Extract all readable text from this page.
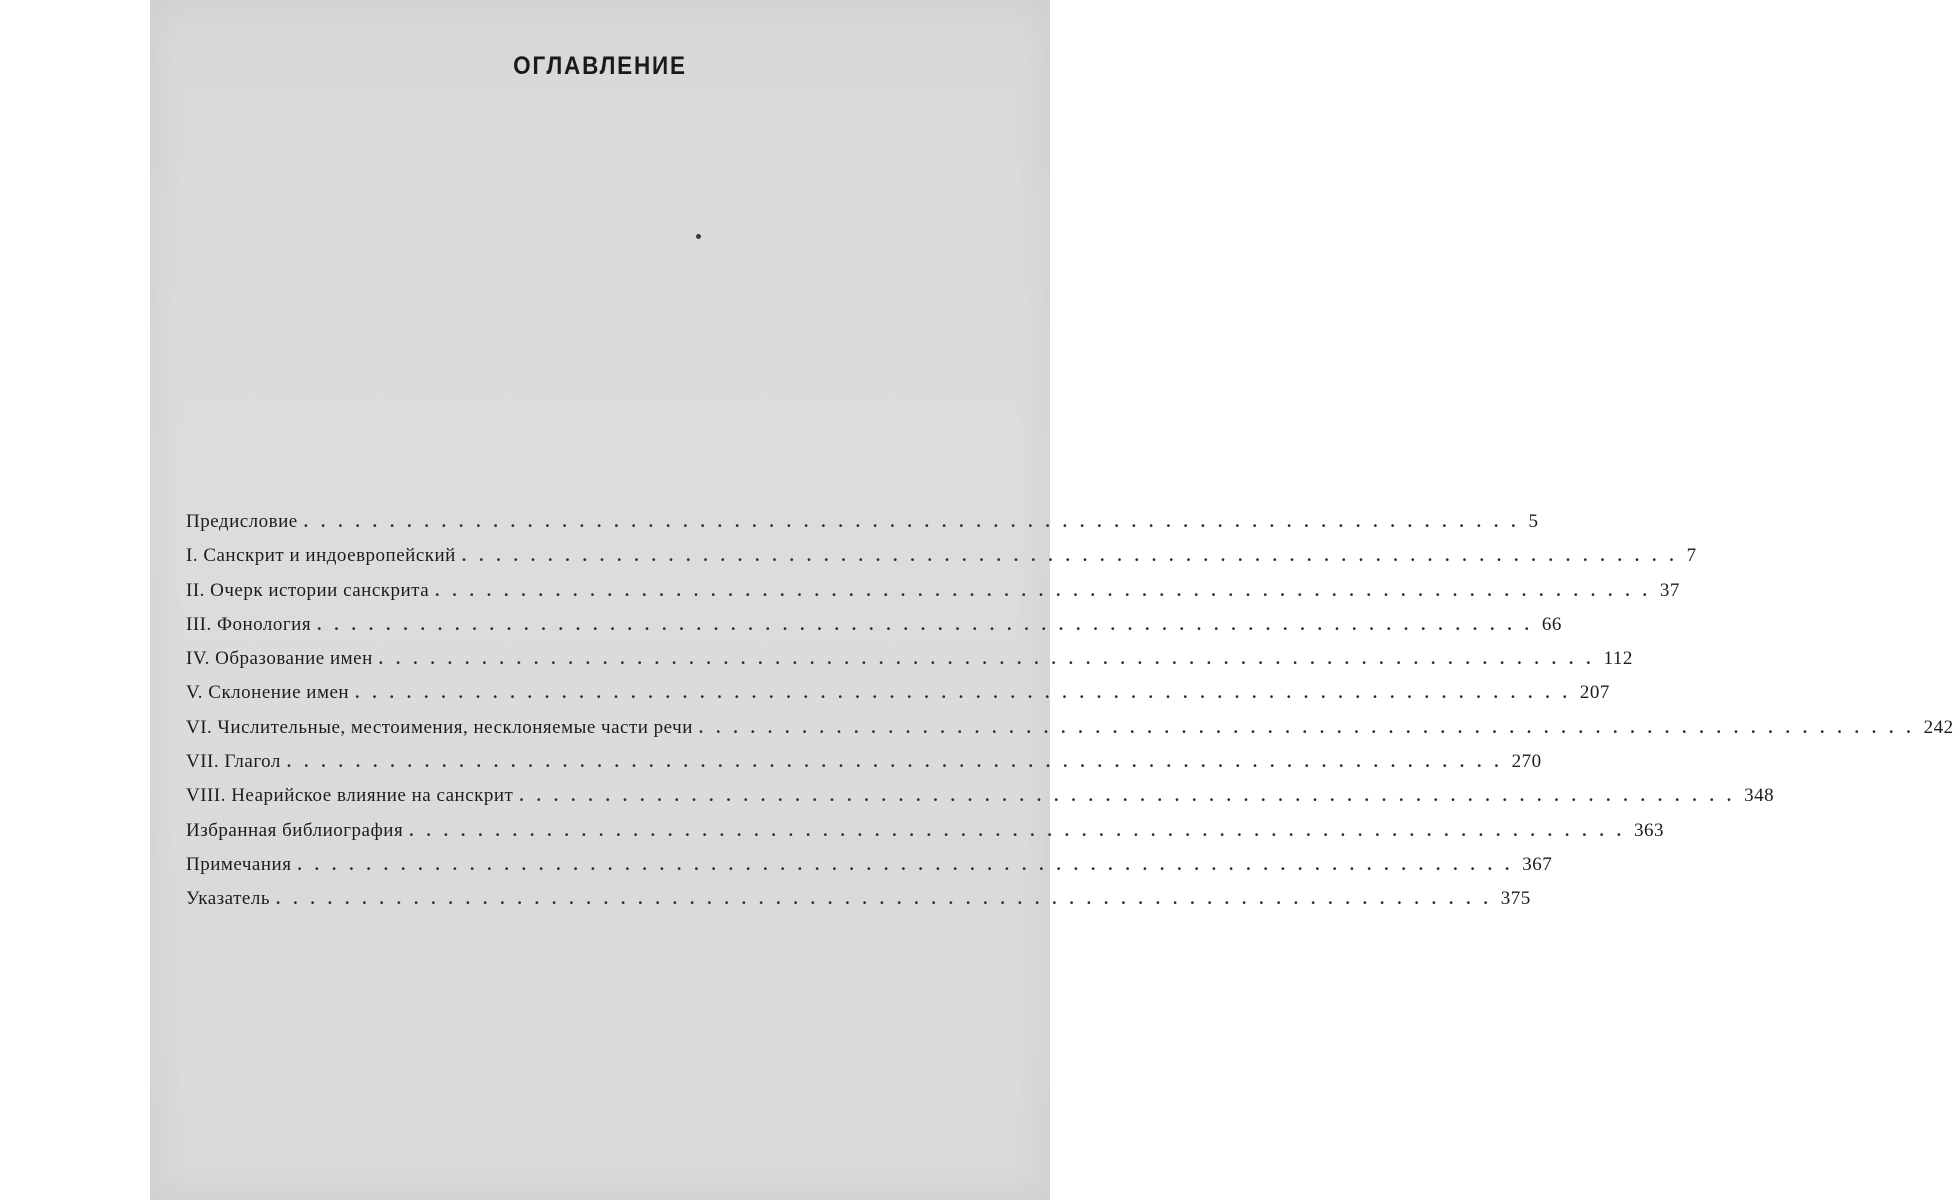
ОГЛАВЛЕНИЕ
Предисловие ....................................................................... 5
I. Санскрит и индоевропейский ....................................................................... 7
II. Очерк истории санскрита ....................................................................... 37
III. Фонология ....................................................................... 66
IV. Образование имен ....................................................................... 112
V. Склонение имен ....................................................................... 207
VI. Числительные, местоимения, несклоняемые части речи ....................................................................... 242
VII. Глагол ....................................................................... 270
VIII. Неарийское влияние на санскрит ....................................................................... 348
Избранная библиография ....................................................................... 363
Примечания ....................................................................... 367
Указатель ....................................................................... 375
